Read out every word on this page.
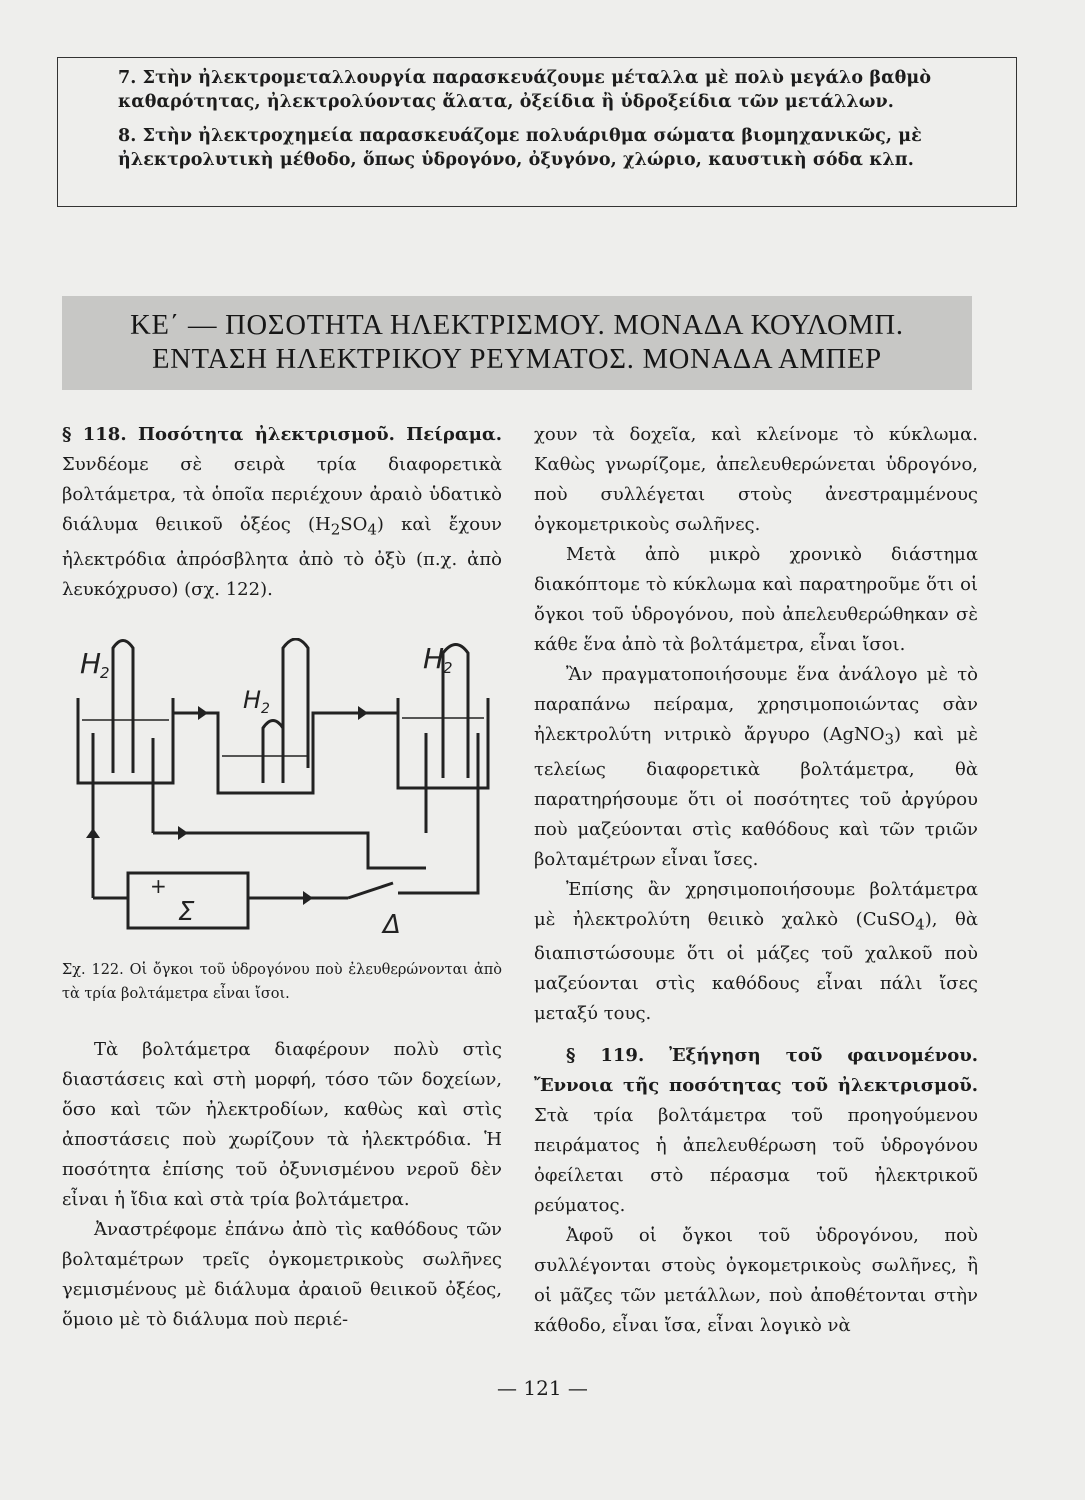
7. Στὴν ἠλεκτρομεταλλουργία παρασκευάζουμε μέταλλα μὲ πολὺ μεγάλο βαθμὸ καθαρότητας, ἠλεκτρολύοντας ἅλατα, ὀξείδια ἢ ὑδροξείδια τῶν μετάλλων.

8. Στὴν ἠλεκτροχημεία παρασκευάζομε πολυάριθμα σώματα βιομηχανικῶς, μὲ ἠλεκτρολυτικὴ μέθοδο, ὅπως ὑδρογόνο, ὀξυγόνο, χλώριο, καυστικὴ σόδα κλπ.

ΚΕ΄ — ΠΟΣΟΤΗΤΑ ΗΛΕΚΤΡΙΣΜΟΥ. ΜΟΝΑΔΑ ΚΟΥΛΟΜΠ.
ΕΝΤΑΣΗ ΗΛΕΚΤΡΙΚΟΥ ΡΕΥΜΑΤΟΣ. ΜΟΝΑΔΑ ΑΜΠΕΡ

§ 118. Ποσότητα ἠλεκτρισμοῦ. Πείραμα. Συνδέομε σὲ σειρὰ τρία διαφορετικὰ βολτάμετρα, τὰ ὁποῖα περιέχουν ἀραιὸ ὑδατικὸ διάλυμα θειικοῦ ὀξέος $(H_2SO_4)$ καὶ ἔχουν ἠλεκτρόδια ἀπρόσβλητα ἀπὸ τὸ ὀξὺ (π.χ. ἀπὸ λευκόχρυσο) (σχ. 122).

H
2
H 2
H
2
+
Σ	Δ
Σχ. 122. Οἱ ὄγκοι τοῦ ὑδρογόνου ποὺ ἐλευθερώνονται ἀπὸ τὰ τρία βολτάμετρα εἶναι ἴσοι.

Τὰ βολτάμετρα διαφέρουν πολὺ στὶς διαστάσεις καὶ στὴ μορφή, τόσο τῶν δοχείων, ὅσο καὶ τῶν ἠλεκτροδίων, καθὼς καὶ στὶς ἀποστάσεις ποὺ χωρίζουν τὰ ἠλεκτρόδια. Ἡ ποσότητα ἐπίσης τοῦ ὀξυνισμένου νεροῦ δὲν εἶναι ἡ ἴδια καὶ στὰ τρία βολτάμετρα.

Ἀναστρέφομε ἐπάνω ἀπὸ τὶς καθόδους τῶν βολταμέτρων τρεῖς ὀγκομετρικοὺς σωλῆνες γεμισμένους μὲ διάλυμα ἀραιοῦ θειικοῦ ὀξέος, ὅμοιο μὲ τὸ διάλυμα ποὺ περιέ-

χουν τὰ δοχεῖα, καὶ κλείνομε τὸ κύκλωμα. Καθὼς γνωρίζομε, ἀπελευθερώνεται ὑδρογόνο, ποὺ συλλέγεται στοὺς ἀνεστραμμένους ὀγκομετρικοὺς σωλῆνες.

Μετὰ ἀπὸ μικρὸ χρονικὸ διάστημα διακόπτομε τὸ κύκλωμα καὶ παρατηροῦμε ὅτι οἱ ὄγκοι τοῦ ὑδρογόνου, ποὺ ἀπελευθερώθηκαν σὲ κάθε ἕνα ἀπὸ τὰ βολτάμετρα, εἶναι ἴσοι.

Ἂν πραγματοποιήσουμε ἕνα ἀνάλογο μὲ τὸ παραπάνω πείραμα, χρησιμοποιώντας σὰν ἠλεκτρολύτη νιτρικὸ ἄργυρο (AgNO$_3$) καὶ μὲ τελείως διαφορετικὰ βολτάμετρα, θὰ παρατηρήσουμε ὅτι οἱ ποσότητες τοῦ ἀργύρου ποὺ μαζεύονται στὶς καθόδους καὶ τῶν τριῶν βολταμέτρων εἶναι ἴσες.

Ἐπίσης ἂν χρησιμοποιήσουμε βολτάμετρα μὲ ἠλεκτρολύτη θειικὸ χαλκὸ (CuSO$_4$), θὰ διαπιστώσουμε ὅτι οἱ μάζες τοῦ χαλκοῦ ποὺ μαζεύονται στὶς καθόδους εἶναι πάλι ἴσες μεταξύ τους.

§ 119. Ἐξήγηση τοῦ φαινομένου. Ἔννοια τῆς ποσότητας τοῦ ἠλεκτρισμοῦ. Στὰ τρία βολτάμετρα τοῦ προηγούμενου πειράματος ἡ ἀπελευθέρωση τοῦ ὑδρογόνου ὀφείλεται στὸ πέρασμα τοῦ ἠλεκτρικοῦ ρεύματος.

Ἀφοῦ οἱ ὄγκοι τοῦ ὑδρογόνου, ποὺ συλλέγονται στοὺς ὀγκομετρικοὺς σωλῆνες, ἢ οἱ μᾶζες τῶν μετάλλων, ποὺ ἀποθέτονται στὴν κάθοδο, εἶναι ἴσα, εἶναι λογικὸ νὰ

— 121 —
